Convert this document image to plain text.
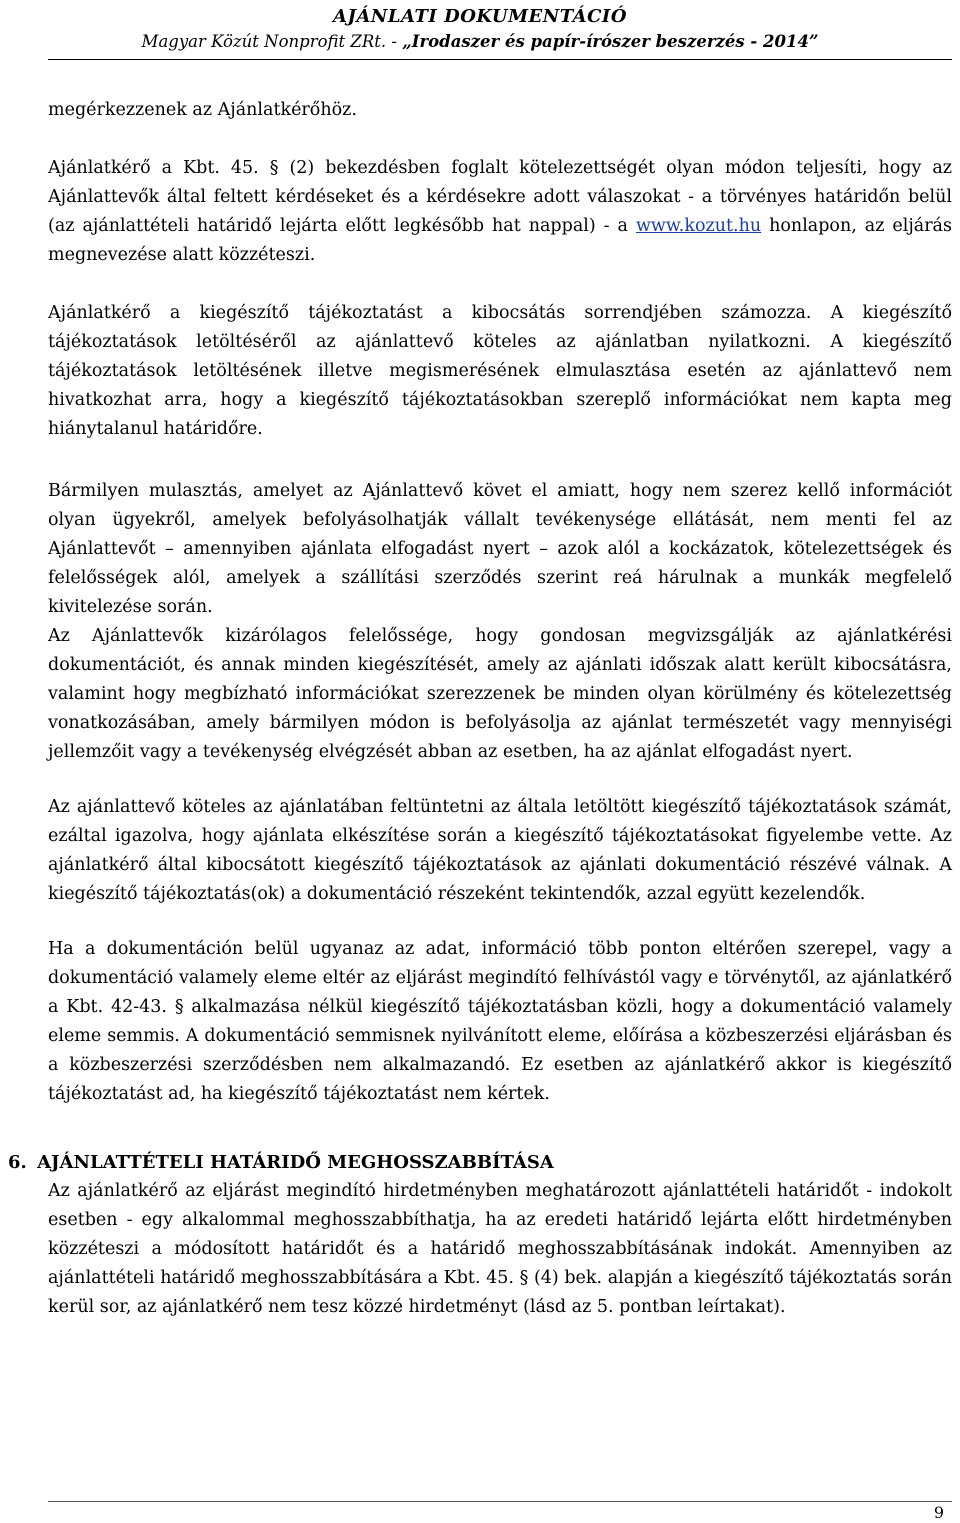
AJÁNLATI DOKUMENTÁCIÓ
Magyar Közút Nonprofit ZRt. - „Irodaszer és papír-írószer beszerzés - 2014”

megérkezzenek az Ajánlatkérőhöz.

Ajánlatkérő a Kbt. 45. § (2) bekezdésben foglalt kötelezettségét olyan módon teljesíti, hogy az Ajánlattevők által feltett kérdéseket és a kérdésekre adott válaszokat - a törvényes határidőn belül (az ajánlattételi határidő lejárta előtt legkésőbb hat nappal) - a www.kozut.hu honlapon, az eljárás megnevezése alatt közzéteszi.

Ajánlatkérő a kiegészítő tájékoztatást a kibocsátás sorrendjében számozza. A kiegészítő tájékoztatások letöltéséről az ajánlattevő köteles az ajánlatban nyilatkozni. A kiegészítő tájékoztatások letöltésének illetve megismerésének elmulasztása esetén az ajánlattevő nem hivatkozhat arra, hogy a kiegészítő tájékoztatásokban szereplő információkat nem kapta meg hiánytalanul határidőre.

Bármilyen mulasztás, amelyet az Ajánlattevő követ el amiatt, hogy nem szerez kellő információt olyan ügyekről, amelyek befolyásolhatják vállalt tevékenysége ellátását, nem menti fel az Ajánlattevőt – amennyiben ajánlata elfogadást nyert – azok alól a kockázatok, kötelezettségek és felelősségek alól, amelyek a szállítási szerződés szerint reá hárulnak a munkák megfelelő kivitelezése során.

Az Ajánlattevők kizárólagos felelőssége, hogy gondosan megvizsgálják az ajánlatkérési dokumentációt, és annak minden kiegészítését, amely az ajánlati időszak alatt került kibocsátásra, valamint hogy megbízható információkat szerezzenek be minden olyan körülmény és kötelezettség vonatkozásában, amely bármilyen módon is befolyásolja az ajánlat természetét vagy mennyiségi jellemzőit vagy a tevékenység elvégzését abban az esetben, ha az ajánlat elfogadást nyert.

Az ajánlattevő köteles az ajánlatában feltüntetni az általa letöltött kiegészítő tájékoztatások számát, ezáltal igazolva, hogy ajánlata elkészítése során a kiegészítő tájékoztatásokat figyelembe vette. Az ajánlatkérő által kibocsátott kiegészítő tájékoztatások az ajánlati dokumentáció részévé válnak. A kiegészítő tájékoztatás(ok) a dokumentáció részeként tekintendők, azzal együtt kezelendők.

Ha a dokumentáción belül ugyanaz az adat, információ több ponton eltérően szerepel, vagy a dokumentáció valamely eleme eltér az eljárást megindító felhívástól vagy e törvénytől, az ajánlatkérő a Kbt. 42-43. § alkalmazása nélkül kiegészítő tájékoztatásban közli, hogy a dokumentáció valamely eleme semmis. A dokumentáció semmisnek nyilvánított eleme, előírása a közbeszerzési eljárásban és a közbeszerzési szerződésben nem alkalmazandó. Ez esetben az ajánlatkérő akkor is kiegészítő tájékoztatást ad, ha kiegészítő tájékoztatást nem kértek.

6. AJÁNLATTÉTELI HATÁRIDŐ MEGHOSSZABBÍTÁSA

Az ajánlatkérő az eljárást megindító hirdetményben meghatározott ajánlattételi határidőt - indokolt esetben - egy alkalommal meghosszabbíthatja, ha az eredeti határidő lejárta előtt hirdetményben közzéteszi a módosított határidőt és a határidő meghosszabbításának indokát. Amennyiben az ajánlattételi határidő meghosszabbítására a Kbt. 45. § (4) bek. alapján a kiegészítő tájékoztatás során kerül sor, az ajánlatkérő nem tesz közzé hirdetményt (lásd az 5. pontban leírtakat).

9
